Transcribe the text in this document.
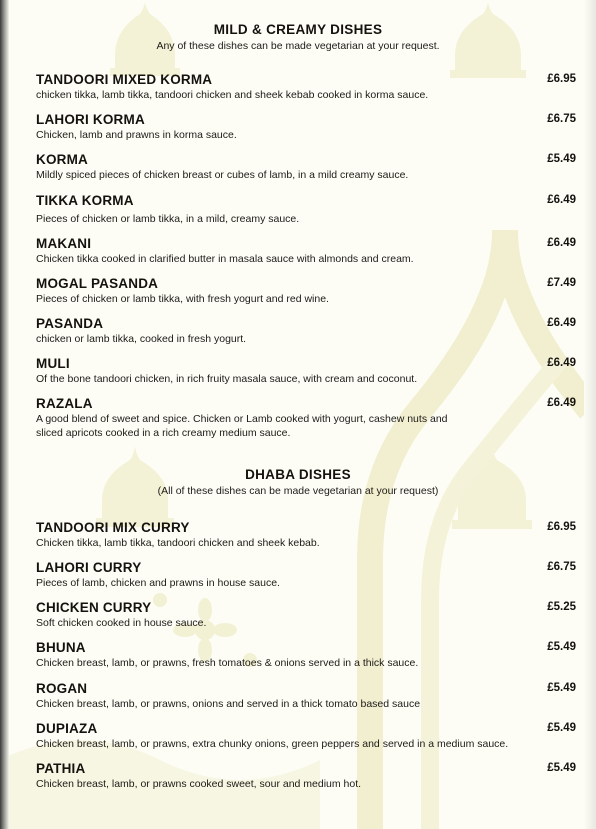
MILD & CREAMY DISHES
Any of these dishes can be made vegetarian at your request.
TANDOORI MIXED KORMA
chicken tikka, lamb tikka, tandoori chicken and sheek kebab cooked in korma sauce.
£6.95
LAHORI KORMA
Chicken, lamb and prawns in korma sauce.
£6.75
KORMA
Mildly spiced pieces of chicken breast or cubes of lamb, in a mild creamy sauce.
£5.49
TIKKA KORMA
Pieces of chicken or lamb tikka, in a mild, creamy sauce.
£6.49
MAKANI
Chicken tikka cooked in clarified butter in masala sauce with almonds and cream.
£6.49
MOGAL PASANDA
Pieces of chicken or lamb tikka, with fresh yogurt and red wine.
£7.49
PASANDA
chicken or lamb tikka, cooked in fresh yogurt.
£6.49
MULI
Of the bone tandoori chicken, in rich fruity masala sauce, with cream and coconut.
£6.49
RAZALA
A good blend of sweet and spice. Chicken or Lamb cooked with yogurt, cashew nuts and sliced apricots cooked in a rich creamy medium sauce.
£6.49
DHABA DISHES
(All of these dishes can be made vegetarian at your request)
TANDOORI MIX CURRY
Chicken tikka, lamb tikka, tandoori chicken and sheek kebab.
£6.95
LAHORI CURRY
Pieces of lamb, chicken and prawns in house sauce.
£6.75
CHICKEN CURRY
Soft chicken cooked in house sauce.
£5.25
BHUNA
Chicken breast, lamb, or prawns, fresh tomatoes & onions served in a thick sauce.
£5.49
ROGAN
Chicken breast, lamb, or prawns, onions and served in a thick tomato based sauce
£5.49
DUPIAZA
Chicken breast, lamb, or prawns, extra chunky onions, green peppers and served in a medium sauce.
£5.49
PATHIA
Chicken breast, lamb, or prawns cooked sweet, sour and medium hot.
£5.49
